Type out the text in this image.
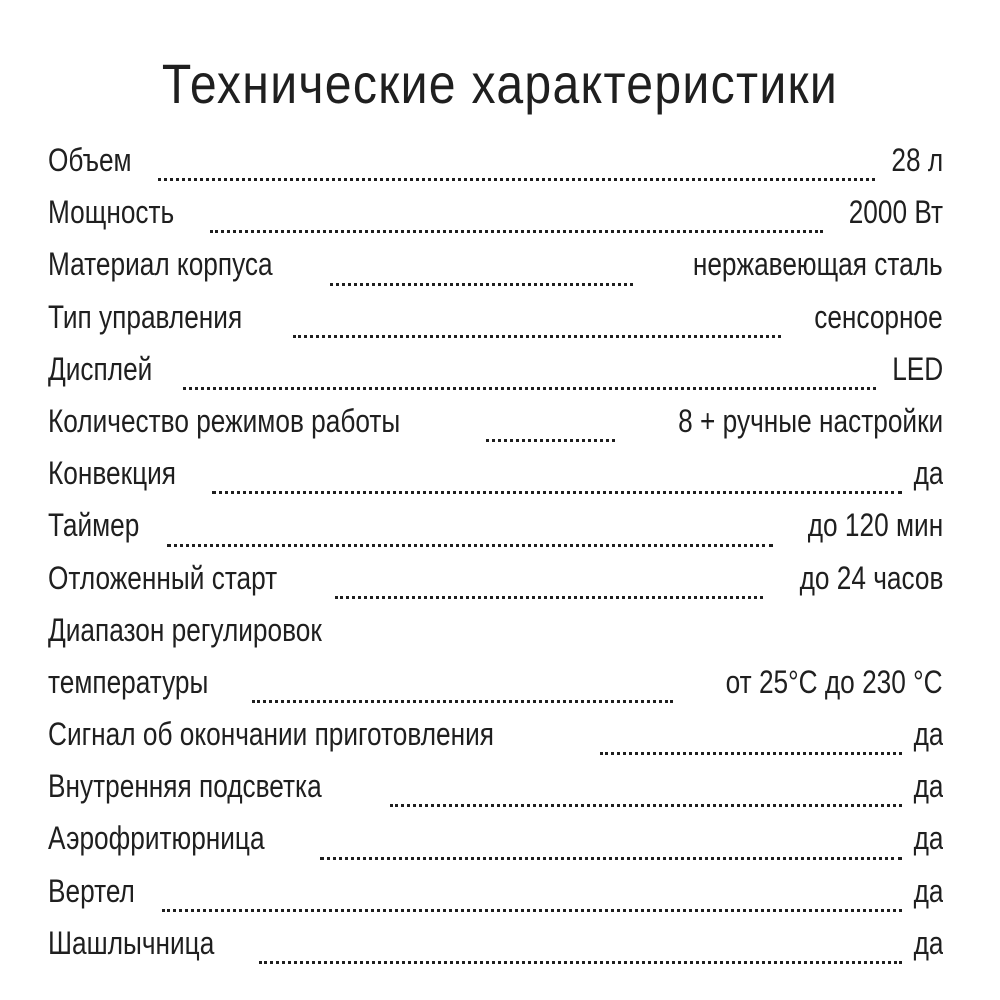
Технические характеристики
Объем	28 л
Мощность	2000 Вт
Материал корпуса	нержавеющая сталь
Тип управления	сенсорное
Дисплей	LED
Количество режимов работы	8 + ручные настройки
Конвекция	да
Таймер	до 120 мин
Отложенный старт	до 24 часов
Диапазон регулировок
температуры	от 25°C до 230 °C
Сигнал об окончании приготовления	да
Внутренняя подсветка	да
Аэрофритюрница	да
Вертел	да
Шашлычница	да
